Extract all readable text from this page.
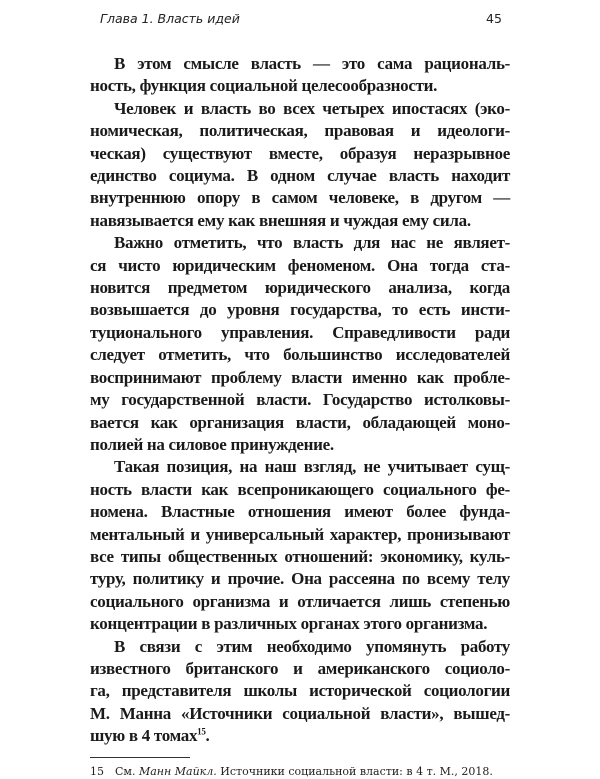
Глава 1. Власть идей	45
В этом смысле власть — это сама рациональ-
ность, функция социальной целесообразности.
Человек и власть во всех четырех ипостасях (эко-
номическая, политическая, правовая и идеологи-
ческая) существуют вместе, образуя неразрывное
единство социума. В одном случае власть находит
внутреннюю опору в самом человеке, в другом —
навязывается ему как внешняя и чуждая ему сила.
Важно отметить, что власть для нас не являет-
ся чисто юридическим феноменом. Она тогда ста-
новится предметом юридического анализа, когда
возвышается до уровня государства, то есть инсти-
туционального управления. Справедливости ради
следует отметить, что большинство исследователей
воспринимают проблему власти именно как пробле-
му государственной власти. Государство истолковы-
вается как организация власти, обладающей моно-
полией на силовое принуждение.
Такая позиция, на наш взгляд, не учитывает сущ-
ность власти как всепроникающего социального фе-
номена. Властные отношения имеют более фунда-
ментальный и универсальный характер, пронизывают
все типы общественных отношений: экономику, куль-
туру, политику и прочие. Она рассеяна по всему телу
социального организма и отличается лишь степенью
концентрации в различных органах этого организма.
В связи с этим необходимо упомянуть работу
известного британского и американского социоло-
га, представителя школы исторической социологии
М. Манна «Источники социальной власти», вышед-
шую в 4 томах$^{15}$.
15 См. Манн Майкл. Источники социальной власти: в 4 т. М., 2018.
